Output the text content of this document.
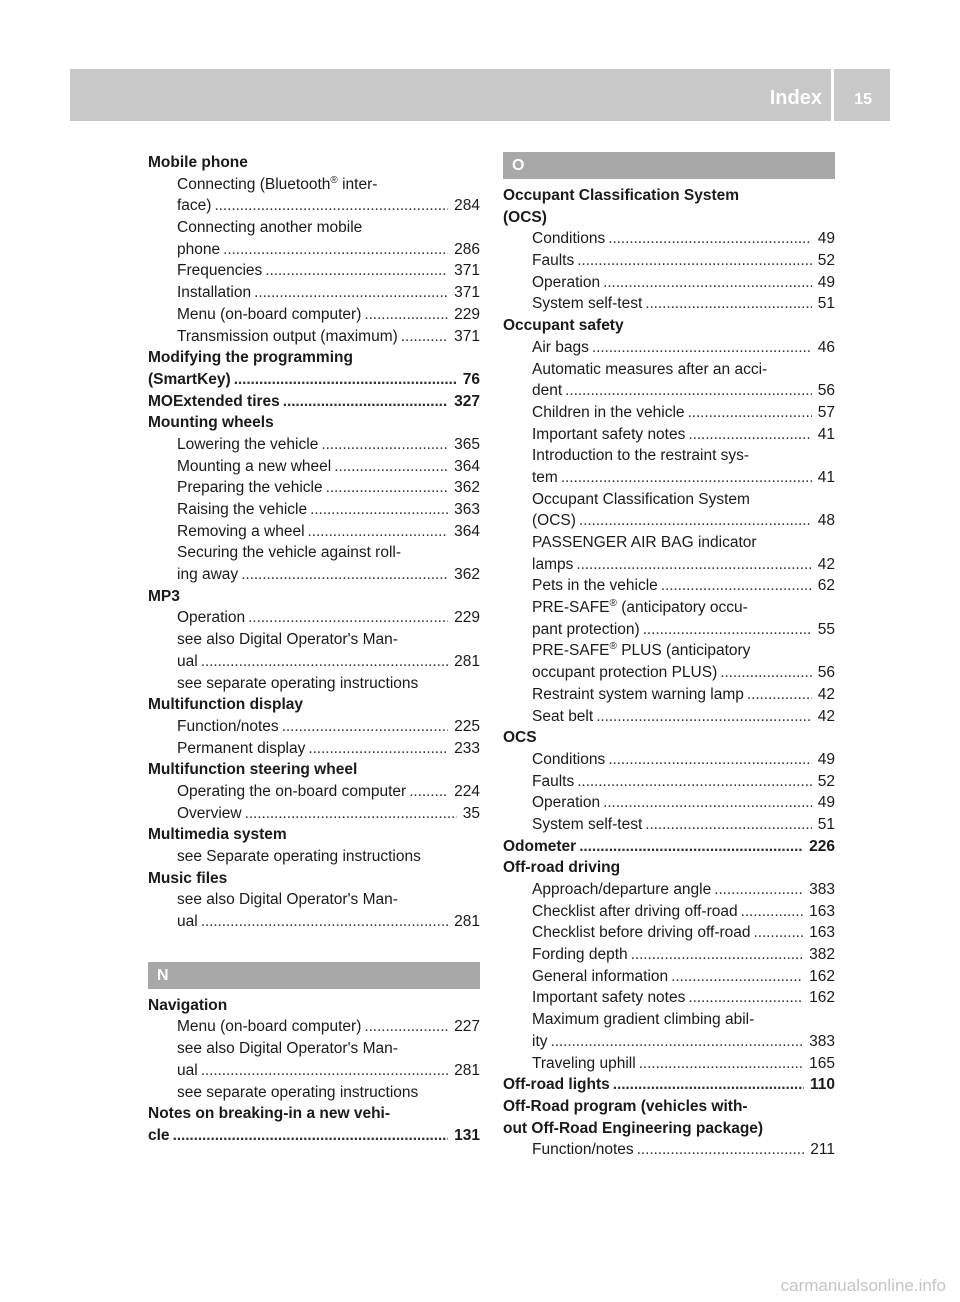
Index 15
Mobile phone
Connecting (Bluetooth® inter-
face) . . .	284
Connecting another mobile
phone . . .	286
Frequencies . . .	371
Installation . . .	371
Menu (on-board computer) . . .	229
Transmission output (maximum) . . .	371
Modifying the programming
(SmartKey) . . .	76
MOExtended tires . . .	327
Mounting wheels
Lowering the vehicle . . .	365
Mounting a new wheel . . .	364
Preparing the vehicle . . .	362
Raising the vehicle . . .	363
Removing a wheel . . .	364
Securing the vehicle against roll-
ing away . . .	362
MP3
Operation . . .	229
see also Digital Operator's Man-
ual . . .	281
see separate operating instructions
Multifunction display
Function/notes . . .	225
Permanent display . . .	233
Multifunction steering wheel
Operating the on-board computer . . .	224
Overview . . .	35
Multimedia system
see Separate operating instructions
Music files
see also Digital Operator's Man-
ual . . .	281
N
Navigation
Menu (on-board computer) . . .	227
see also Digital Operator's Man-
ual . . .	281
see separate operating instructions
Notes on breaking-in a new vehi-
cle . . .	131
O
Occupant Classification System
(OCS)
Conditions . . .	49
Faults . . .	52
Operation . . .	49
System self-test . . .	51
Occupant safety
Air bags . . .	46
Automatic measures after an acci-
dent . . .	56
Children in the vehicle . . .	57
Important safety notes . . .	41
Introduction to the restraint sys-
tem . . .	41
Occupant Classification System
(OCS) . . .	48
PASSENGER AIR BAG indicator
lamps . . .	42
Pets in the vehicle . . .	62
PRE-SAFE® (anticipatory occu-
pant protection) . . .	55
PRE-SAFE® PLUS (anticipatory
occupant protection PLUS) . . .	56
Restraint system warning lamp . . .	42
Seat belt . . .	42
OCS
Conditions . . .	49
Faults . . .	52
Operation . . .	49
System self-test . . .	51
Odometer . . .	226
Off-road driving
Approach/departure angle . . .	383
Checklist after driving off-road . . .	163
Checklist before driving off-road . . .	163
Fording depth . . .	382
General information . . .	162
Important safety notes . . .	162
Maximum gradient climbing abil-
ity . . .	383
Traveling uphill . . .	165
Off-road lights . . .	110
Off-Road program (vehicles with-
out Off-Road Engineering package)
Function/notes . . .	211
carmanualsonline.info
